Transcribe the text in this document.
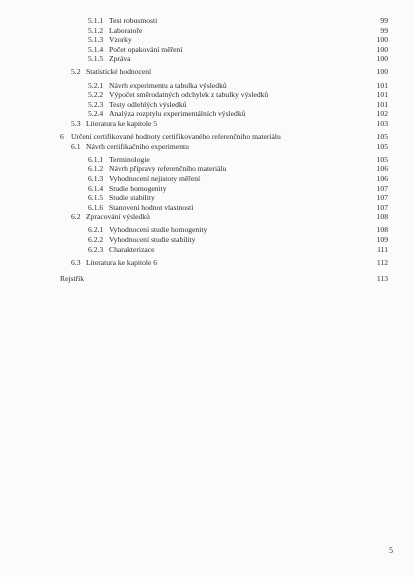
5.1.1 Test robustnosti	99
5.1.2 Laboratoře	99
5.1.3 Vzorky	100
5.1.4 Počet opakování měření	100
5.1.5 Zpráva	100
5.2 Statistické hodnocení	100
5.2.1 Návrh experimentu a tabulka výsledků	101
5.2.2 Výpočet směrodatných odchylek z tabulky výsledků	101
5.2.3 Testy odlehlých výsledků	101
5.2.4 Analýza rozptylu experimentálních výsledků	102
5.3 Literatura ke kapitole 5	103
6 Určení certifikované hodnoty certifikovaného referenčního materiálu	105
6.1 Návrh certifikačního experimentu	105
6.1.1 Terminologie	105
6.1.2 Návrh přípravy referenčního materiálu	106
6.1.3 Vyhodnocení nejistoty měření	106
6.1.4 Studie homogenity	107
6.1.5 Studie stability	107
6.1.6 Stanovení hodnot vlastností	107
6.2 Zpracování výsledků	108
6.2.1 Vyhodnocení studie homogenity	108
6.2.2 Vyhodnocení studie stability	109
6.2.3 Charakterizace	111
6.3 Literatura ke kapitole 6	112
Rejstřík	113
5
